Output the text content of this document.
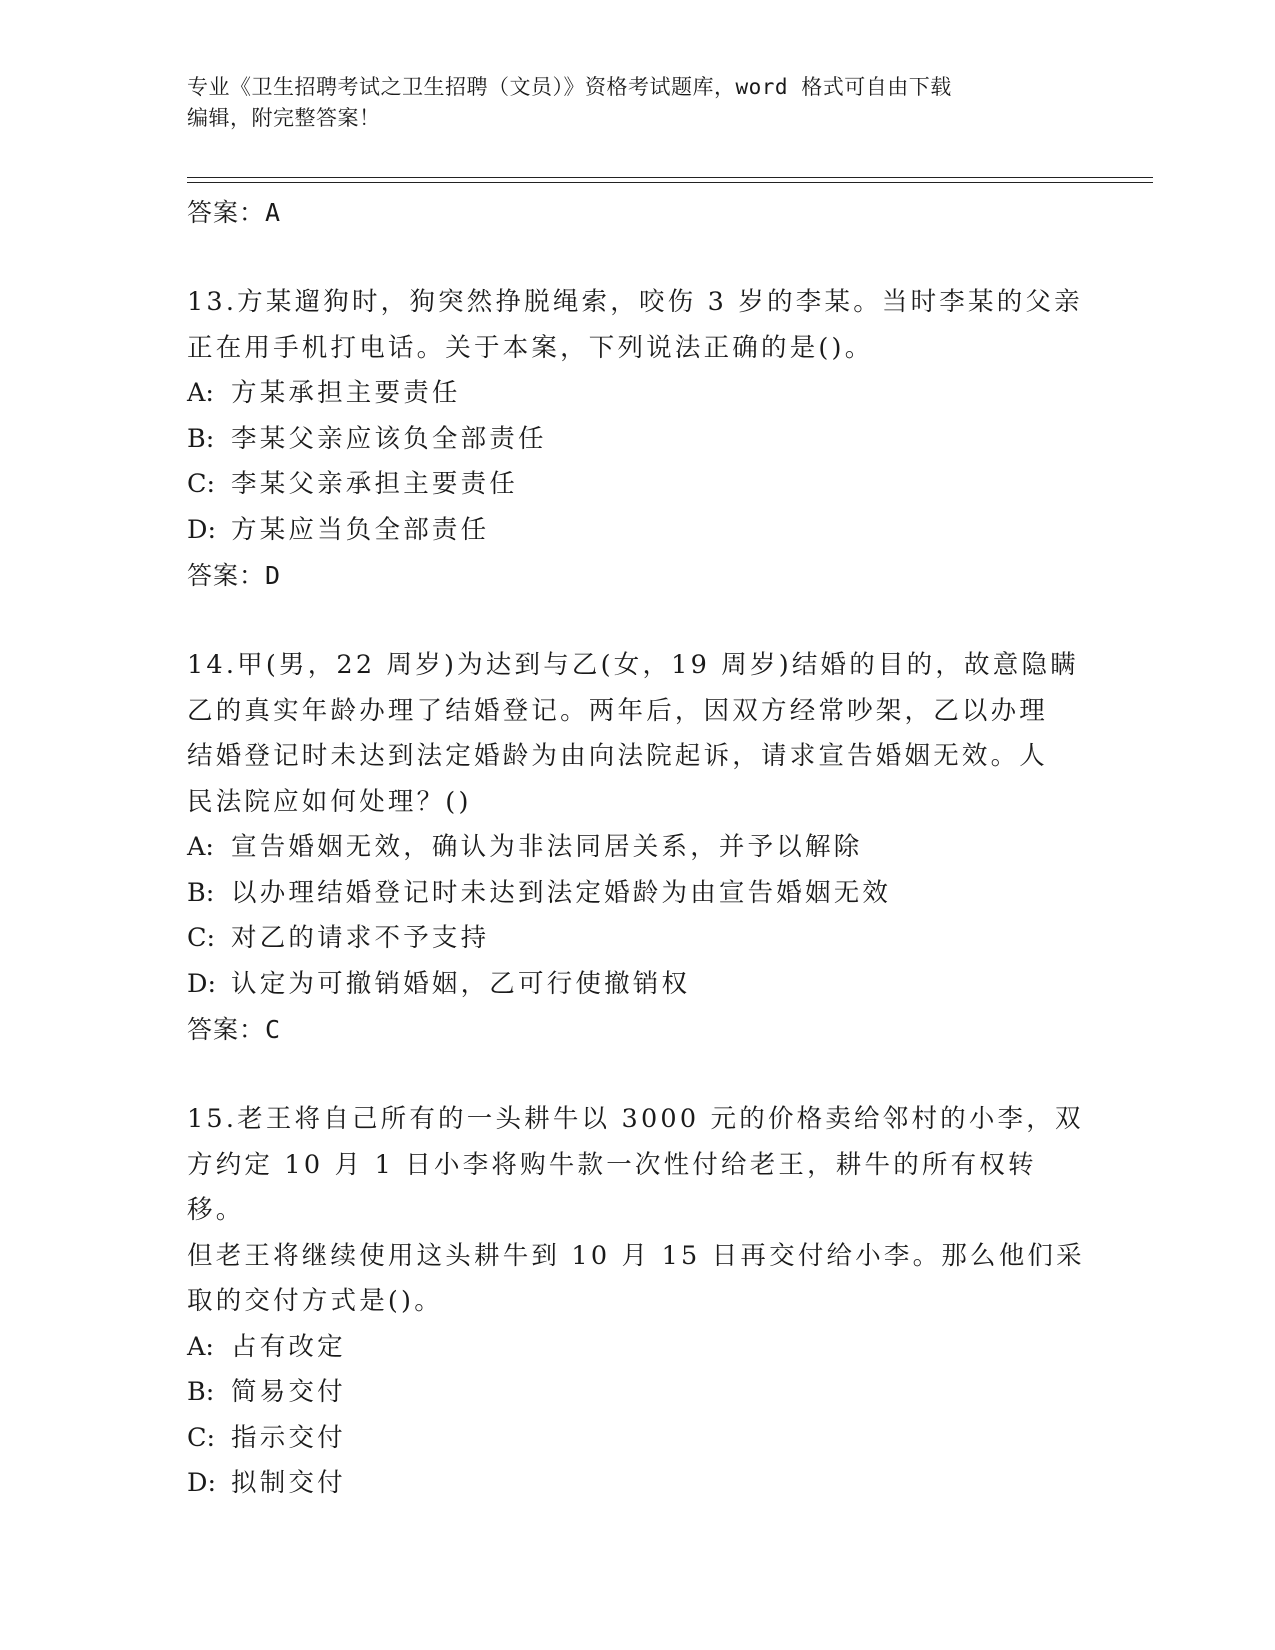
专业《卫生招聘考试之卫生招聘（文员）》资格考试题库，word 格式可自由下载
编辑，附完整答案！
答案：A
13.方某遛狗时，狗突然挣脱绳索，咬伤 3 岁的李某。当时李某的父亲
正在用手机打电话。关于本案，下列说法正确的是()。
A: 方某承担主要责任
B: 李某父亲应该负全部责任
C: 李某父亲承担主要责任
D: 方某应当负全部责任
答案：D
14.甲(男，22 周岁)为达到与乙(女，19 周岁)结婚的目的，故意隐瞒
乙的真实年龄办理了结婚登记。两年后，因双方经常吵架，乙以办理
结婚登记时未达到法定婚龄为由向法院起诉，请求宣告婚姻无效。人
民法院应如何处理？()
A: 宣告婚姻无效，确认为非法同居关系，并予以解除
B: 以办理结婚登记时未达到法定婚龄为由宣告婚姻无效
C: 对乙的请求不予支持
D: 认定为可撤销婚姻，乙可行使撤销权
答案：C
15.老王将自己所有的一头耕牛以 3000 元的价格卖给邻村的小李，双
方约定 10 月 1 日小李将购牛款一次性付给老王，耕牛的所有权转移。
但老王将继续使用这头耕牛到 10 月 15 日再交付给小李。那么他们采
取的交付方式是()。
A: 占有改定
B: 简易交付
C: 指示交付
D: 拟制交付
